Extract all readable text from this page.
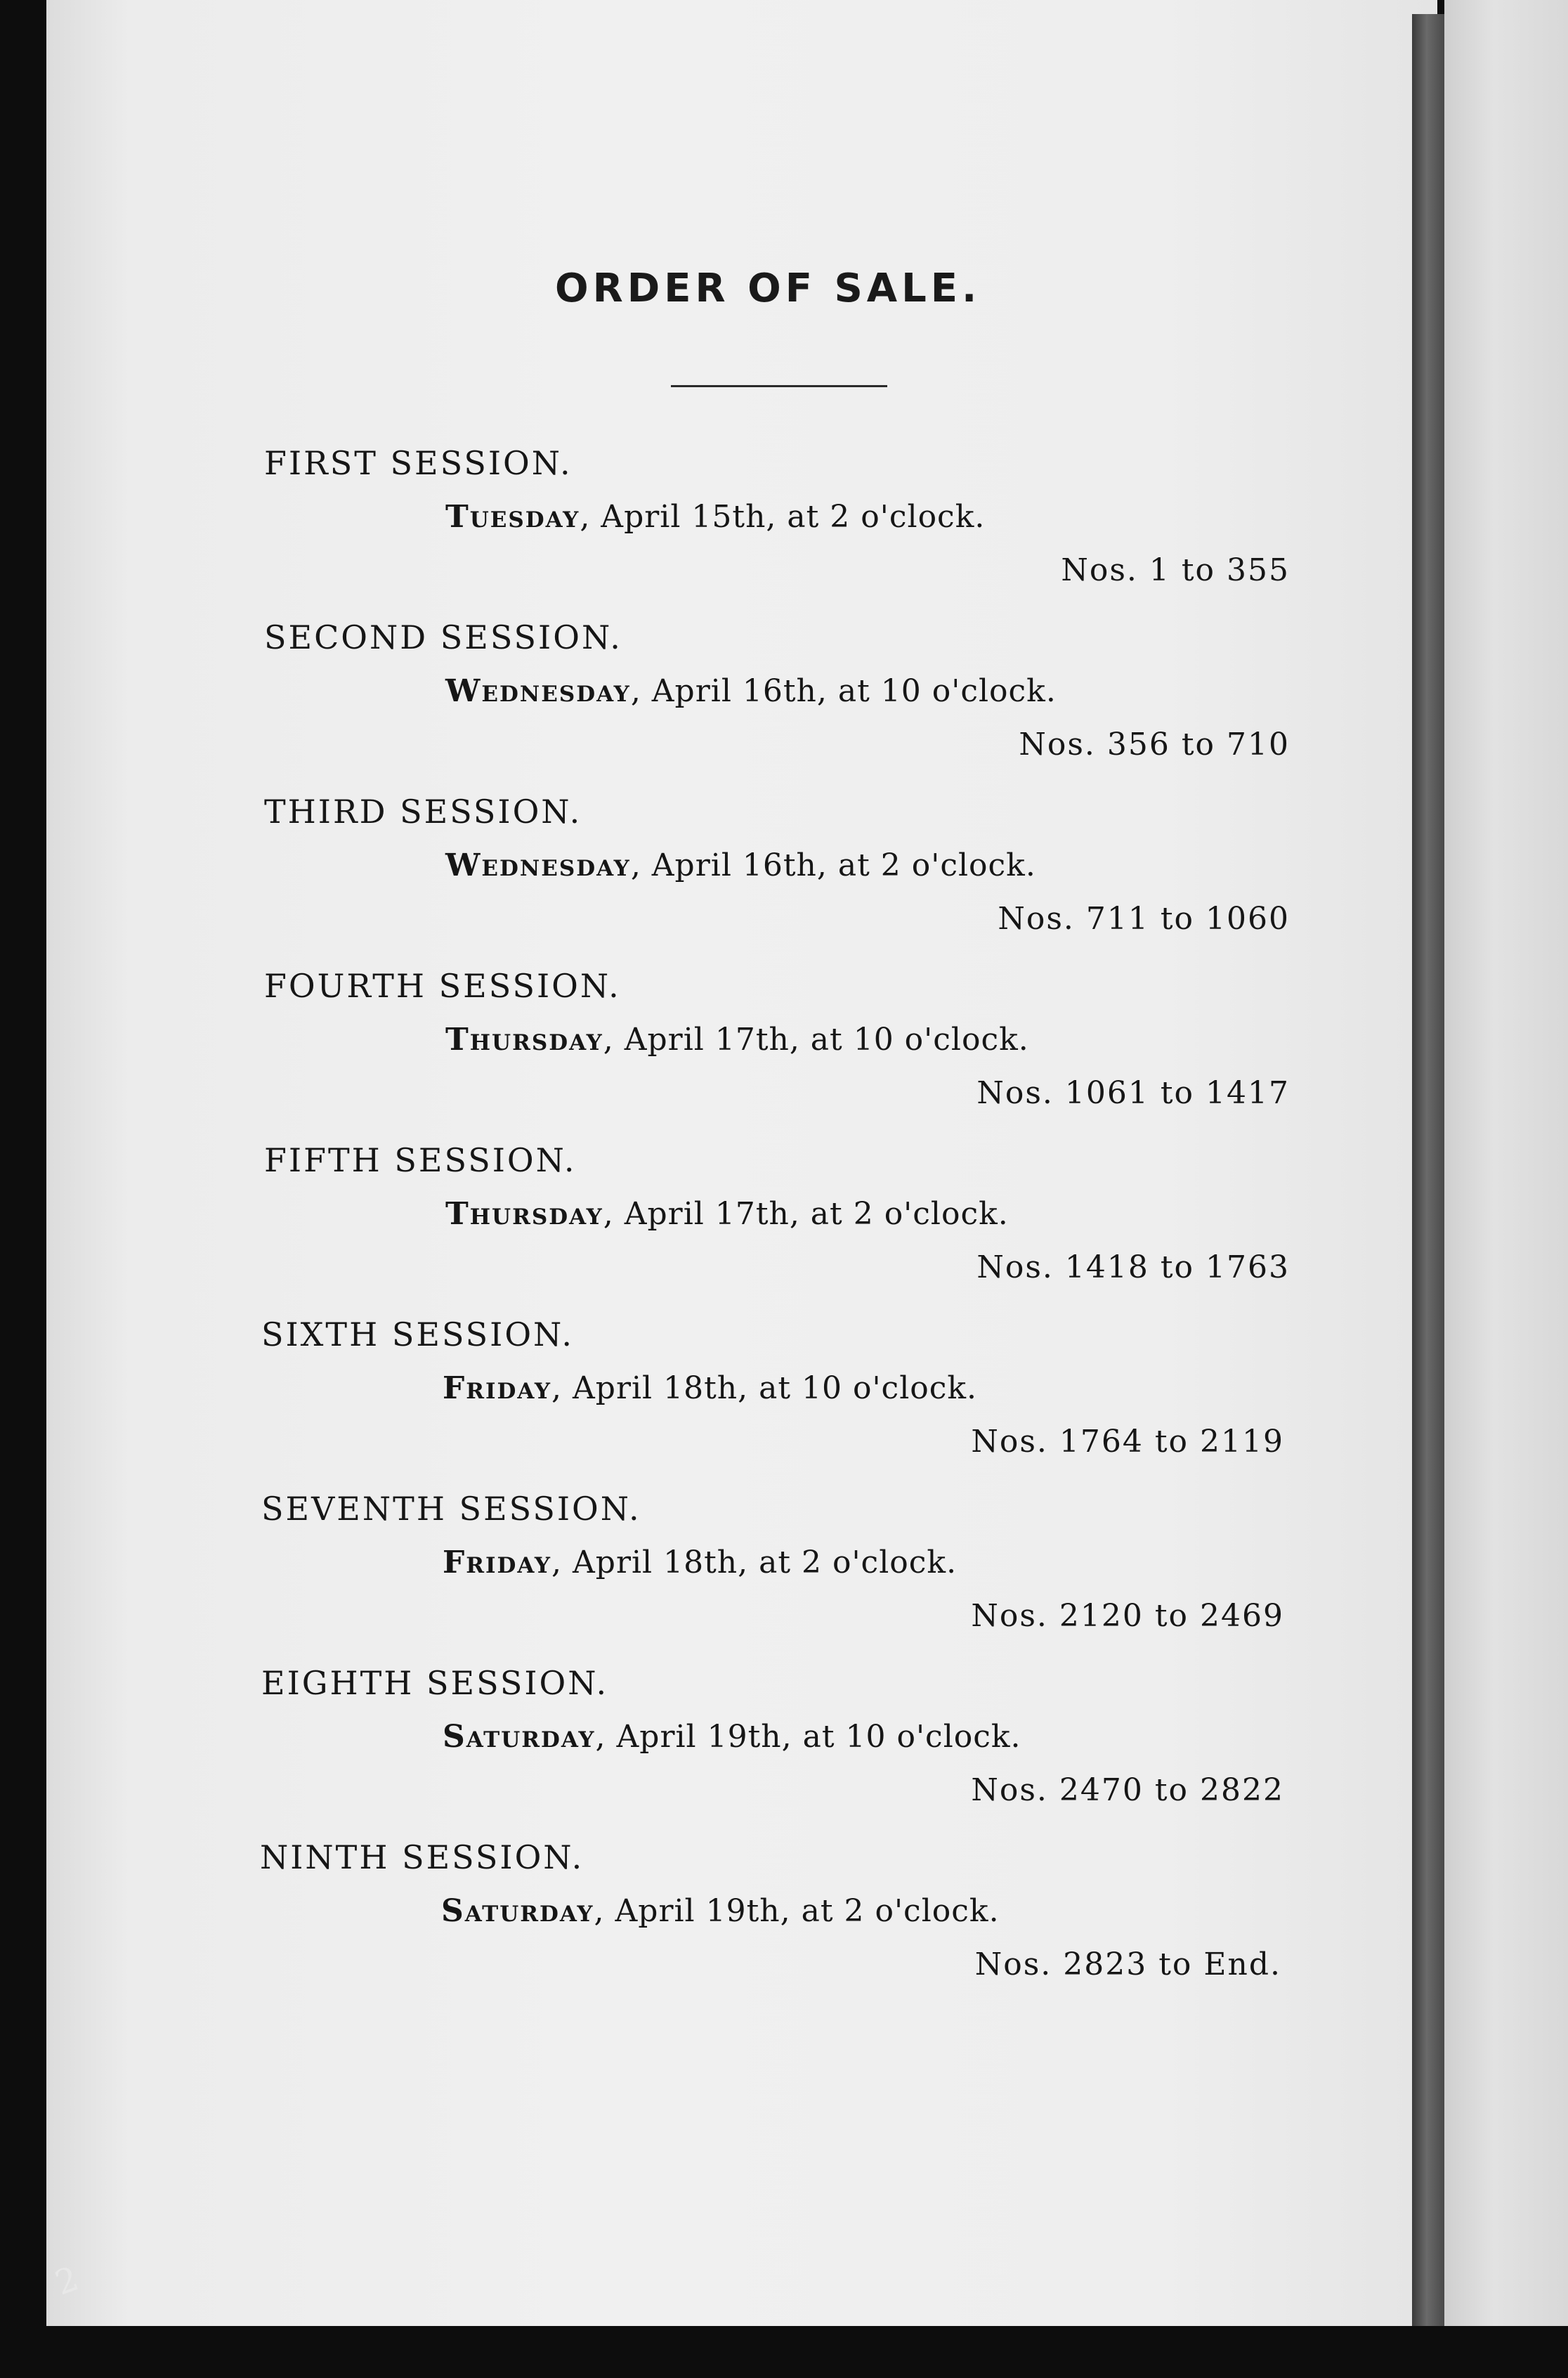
ORDER OF SALE.
FIRST SESSION.
Tuesday, April 15th, at 2 o'clock.
Nos. 1 to 355
SECOND SESSION.
Wednesday, April 16th, at 10 o'clock.
Nos. 356 to 710
THIRD SESSION.
Wednesday, April 16th, at 2 o'clock.
Nos. 711 to 1060
FOURTH SESSION.
Thursday, April 17th, at 10 o'clock.
Nos. 1061 to 1417
FIFTH SESSION.
Thursday, April 17th, at 2 o'clock.
Nos. 1418 to 1763
SIXTH SESSION.
Friday, April 18th, at 10 o'clock.
Nos. 1764 to 2119
SEVENTH SESSION.
Friday, April 18th, at 2 o'clock.
Nos. 2120 to 2469
EIGHTH SESSION.
Saturday, April 19th, at 10 o'clock.
Nos. 2470 to 2822
NINTH SESSION.
Saturday, April 19th, at 2 o'clock.
Nos. 2823 to End.
2
